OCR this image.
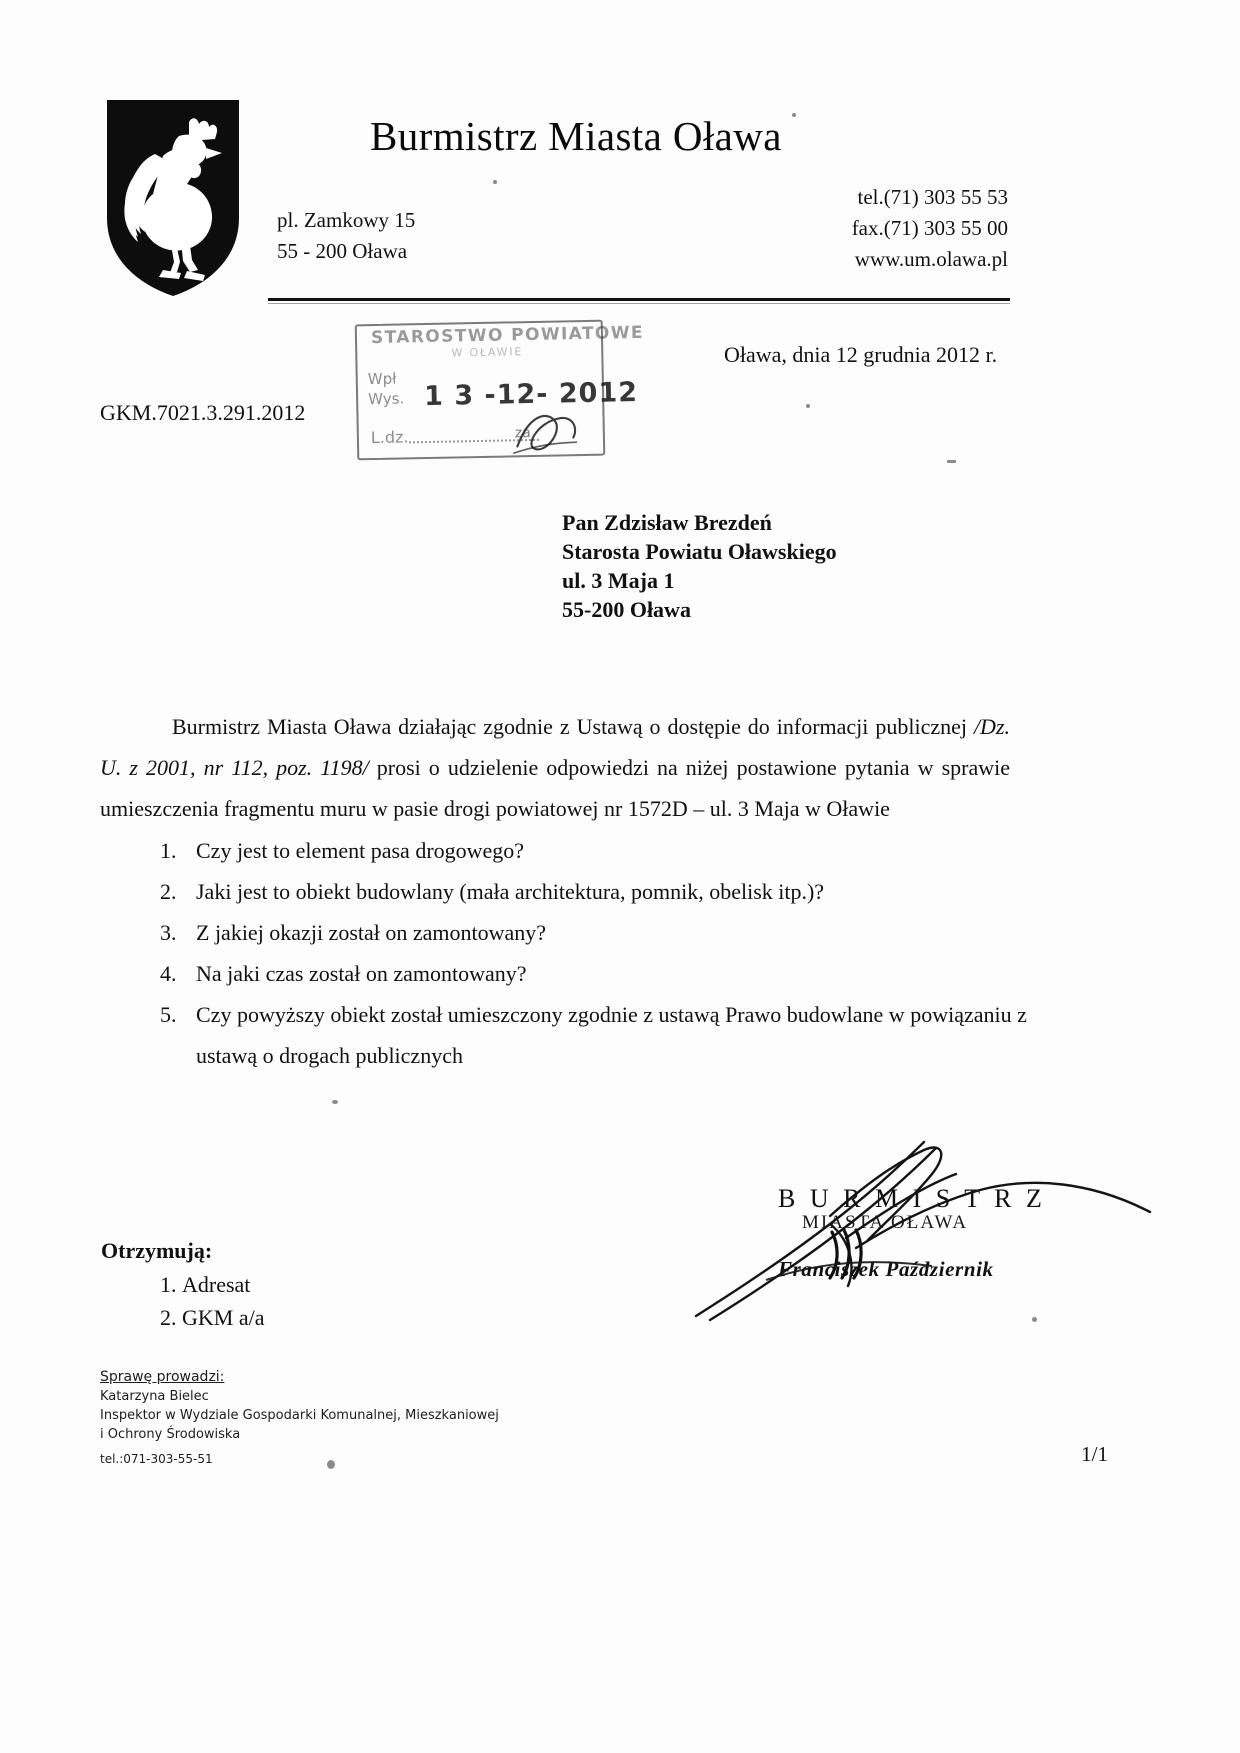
Burmistrz Miasta Oława
pl. Zamkowy 15
55 - 200 Oława
tel.(71) 303 55 53
fax.(71) 303 55 00
www.um.olawa.pl
GKM.7021.3.291.2012
Oława, dnia 12 grudnia 2012 r.
STAROSTWO POWIATOWE
W OŁAWIE
Wpł
Wys. 1 3 -12- 2012
L.dz.	za
Pan Zdzisław Brezdeń
Starosta Powiatu Oławskiego
ul. 3 Maja 1
55-200 Oława

Burmistrz Miasta Oława działając zgodnie z Ustawą o dostępie do informacji publicznej /Dz. U. z 2001, nr 112, poz. 1198/ prosi o udzielenie odpowiedzi na niżej postawione pytania w sprawie umieszczenia fragmentu muru w pasie drogi powiatowej nr 1572D – ul. 3 Maja w Oławie

1. Czy jest to element pasa drogowego?
2. Jaki jest to obiekt budowlany (mała architektura, pomnik, obelisk itp.)?
3. Z jakiej okazji został on zamontowany?
4. Na jaki czas został on zamontowany?
5. Czy powyższy obiekt został umieszczony zgodnie z ustawą Prawo budowlane w powiązaniu z ustawą o drogach publicznych
B U R M I S T R Z
MIASTA OŁAWA
Franciszek Październik
Otrzymują:
1. Adresat
2. GKM a/a
Sprawę prowadzi:
Katarzyna Bielec
Inspektor w Wydziale Gospodarki Komunalnej, Mieszkaniowej
i Ochrony Środowiska
tel.:071-303-55-51	1/1
